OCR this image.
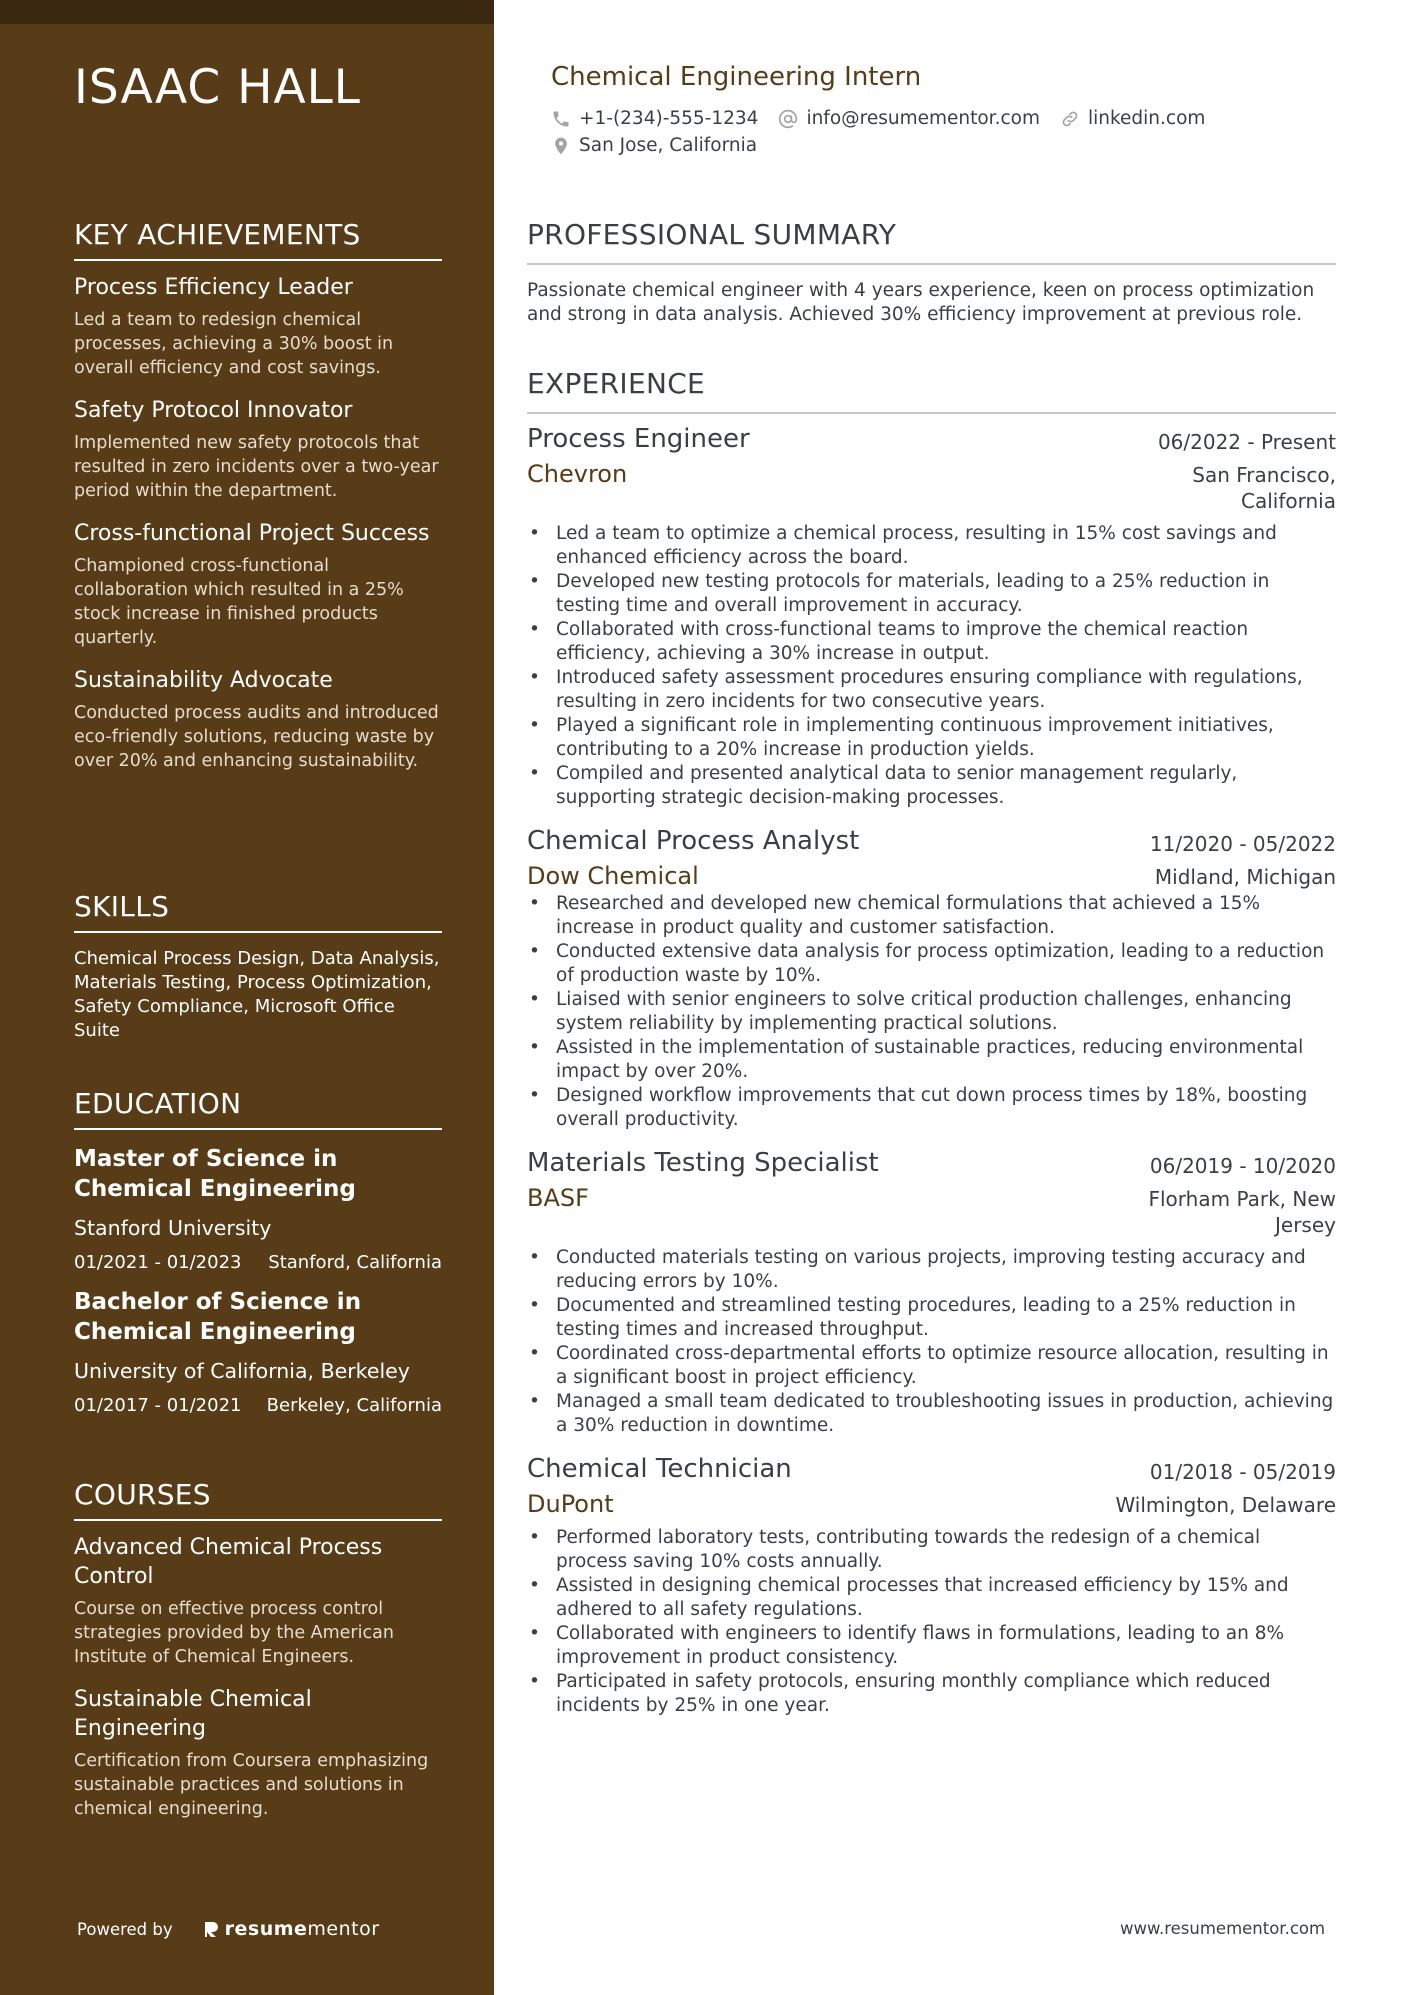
ISAAC HALL
KEY ACHIEVEMENTS
Process Efficiency Leader
Led a team to redesign chemical processes, achieving a 30% boost in overall efficiency and cost savings.
Safety Protocol Innovator
Implemented new safety protocols that resulted in zero incidents over a two-year period within the department.
Cross-functional Project Success
Championed cross-functional collaboration which resulted in a 25% stock increase in finished products quarterly.
Sustainability Advocate
Conducted process audits and introduced eco-friendly solutions, reducing waste by over 20% and enhancing sustainability.
SKILLS
Chemical Process Design, Data Analysis, Materials Testing, Process Optimization, Safety Compliance, Microsoft Office Suite
EDUCATION
Master of Science in Chemical Engineering
Stanford University
01/2021 - 01/2023 Stanford, California
Bachelor of Science in Chemical Engineering
University of California, Berkeley
01/2017 - 01/2021 Berkeley, California
COURSES
Advanced Chemical Process Control
Course on effective process control strategies provided by the American Institute of Chemical Engineers.
Sustainable Chemical Engineering
Certification from Coursera emphasizing sustainable practices and solutions in chemical engineering.
Powered by	resume mentor
Chemical Engineering Intern
+1-(234)-555-1234	info@resumementor.com	linkedin.com
San Jose, California
PROFESSIONAL SUMMARY
Passionate chemical engineer with 4 years experience, keen on process optimization and strong in data analysis. Achieved 30% efficiency improvement at previous role.
EXPERIENCE
Process Engineer	06/2022 - Present
Chevron	San Francisco, California
• Led a team to optimize a chemical process, resulting in 15% cost savings and enhanced efficiency across the board.
• Developed new testing protocols for materials, leading to a 25% reduction in testing time and overall improvement in accuracy.
• Collaborated with cross-functional teams to improve the chemical reaction efficiency, achieving a 30% increase in output.
• Introduced safety assessment procedures ensuring compliance with regulations, resulting in zero incidents for two consecutive years.
• Played a significant role in implementing continuous improvement initiatives, contributing to a 20% increase in production yields.
• Compiled and presented analytical data to senior management regularly, supporting strategic decision-making processes.
Chemical Process Analyst	11/2020 - 05/2022
Dow Chemical	Midland, Michigan
• Researched and developed new chemical formulations that achieved a 15% increase in product quality and customer satisfaction.
• Conducted extensive data analysis for process optimization, leading to a reduction of production waste by 10%.
• Liaised with senior engineers to solve critical production challenges, enhancing system reliability by implementing practical solutions.
• Assisted in the implementation of sustainable practices, reducing environmental impact by over 20%.
• Designed workflow improvements that cut down process times by 18%, boosting overall productivity.
Materials Testing Specialist	06/2019 - 10/2020
BASF	Florham Park, New Jersey
• Conducted materials testing on various projects, improving testing accuracy and reducing errors by 10%.
• Documented and streamlined testing procedures, leading to a 25% reduction in testing times and increased throughput.
• Coordinated cross-departmental efforts to optimize resource allocation, resulting in a significant boost in project efficiency.
• Managed a small team dedicated to troubleshooting issues in production, achieving a 30% reduction in downtime.
Chemical Technician	01/2018 - 05/2019
DuPont	Wilmington, Delaware
• Performed laboratory tests, contributing towards the redesign of a chemical process saving 10% costs annually.
• Assisted in designing chemical processes that increased efficiency by 15% and adhered to all safety regulations.
• Collaborated with engineers to identify flaws in formulations, leading to an 8% improvement in product consistency.
• Participated in safety protocols, ensuring monthly compliance which reduced incidents by 25% in one year.
www.resumementor.com
